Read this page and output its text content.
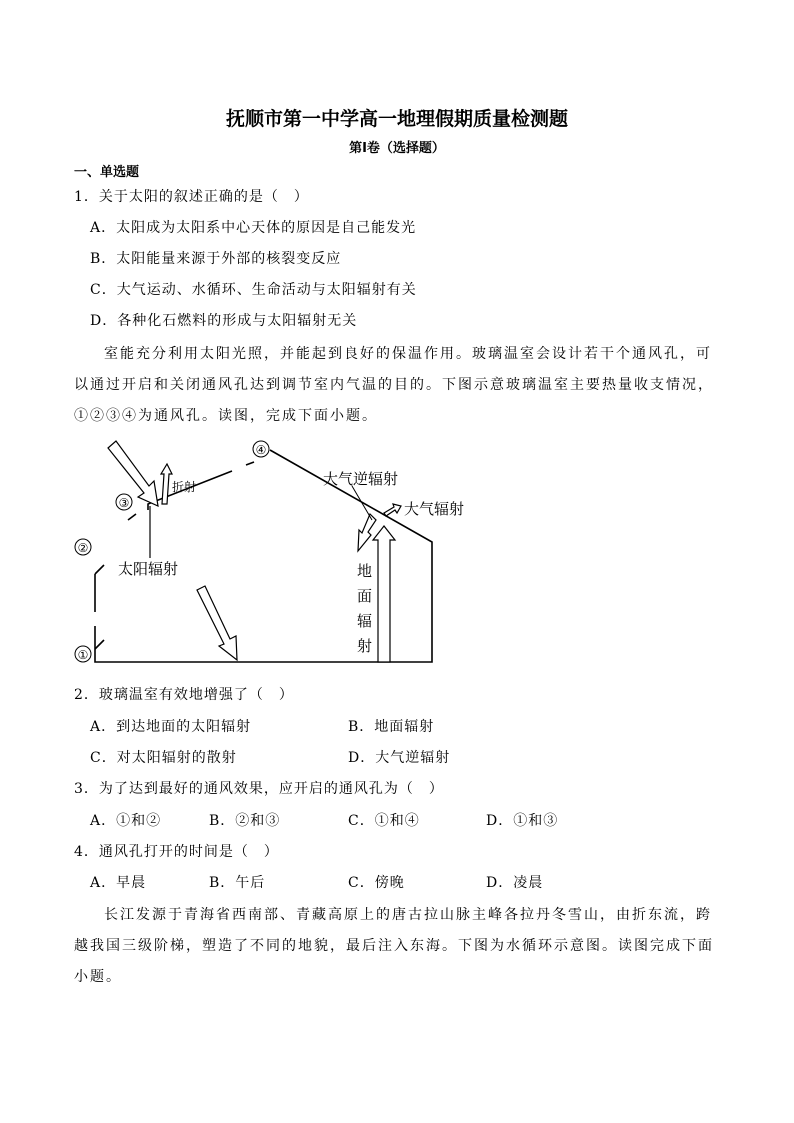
抚顺市第一中学高一地理假期质量检测题
第Ⅰ卷（选择题）
一、单选题
1．关于太阳的叙述正确的是（　）
A．太阳成为太阳系中心天体的原因是自己能发光
B．太阳能量来源于外部的核裂变反应
C．大气运动、水循环、生命活动与太阳辐射有关
D．各种化石燃料的形成与太阳辐射无关
室能充分利用太阳光照，并能起到良好的保温作用。玻璃温室会设计若干个通风孔，可
以通过开启和关闭通风孔达到调节室内气温的目的。下图示意玻璃温室主要热量收支情况，
①②③④为通风孔。读图，完成下面小题。
①
②
③
④
折射
太阳辐射
大气逆辐射
大气辐射
地
面
辐
射
2．玻璃温室有效地增强了（　）
A．到达地面的太阳辐射	B．地面辐射
C．对太阳辐射的散射	D．大气逆辐射
3．为了达到最好的通风效果，应开启的通风孔为（　）
A．①和②	B．②和③	C．①和④	D．①和③
4．通风孔打开的时间是（　）
A．早晨	B．午后	C．傍晚	D．凌晨
长江发源于青海省西南部、青藏高原上的唐古拉山脉主峰各拉丹冬雪山，由折东流，跨
越我国三级阶梯，塑造了不同的地貌，最后注入东海。下图为水循环示意图。读图完成下面
小题。
